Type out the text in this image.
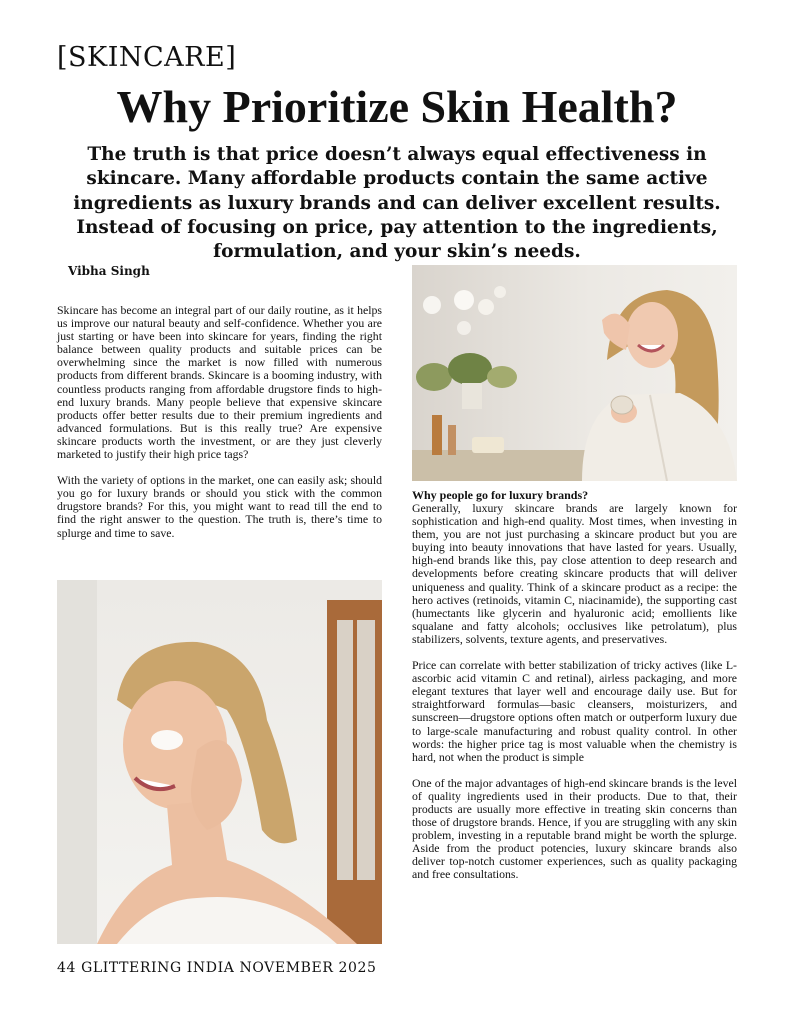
[SKINCARE]
Why Prioritize Skin Health?

The truth is that price doesn’t always equal effectiveness in skincare. Many affordable products contain the same active ingredients as luxury brands and can deliver excellent results. Instead of focusing on price, pay attention to the ingredients, formulation, and your skin’s needs.

Vibha Singh

Skincare has become an integral part of our daily routine, as it helps us improve our natural beauty and self-confidence. Whether you are just starting or have been into skincare for years, finding the right balance between quality products and suitable prices can be overwhelming since the market is now filled with numerous products from different brands. Skincare is a booming industry, with countless products ranging from affordable drugstore finds to high-end luxury brands. Many people believe that expensive skincare products offer better results due to their premium ingredients and advanced formulations. But is this really true? Are expensive skincare products worth the investment, or are they just cleverly marketed to justify their high price tags?

With the variety of options in the market, one can easily ask; should you go for luxury brands or should you stick with the common drugstore brands? For this, you might want to read till the end to find the right answer to the question. The truth is, there’s time to splurge and time to save.

Why people go for luxury brands?

Generally, luxury skincare brands are largely known for sophistication and high-end quality. Most times, when investing in them, you are not just purchasing a skincare product but you are buying into beauty innovations that have lasted for years. Usually, high-end brands like this, pay close attention to deep research and developments before creating skincare products that will deliver uniqueness and quality. Think of a skincare product as a recipe: the hero actives (retinoids, vitamin C, niacinamide), the supporting cast (humectants like glycerin and hyaluronic acid; emollients like squalane and fatty alcohols; occlusives like petrolatum), plus stabilizers, solvents, texture agents, and preservatives.

Price can correlate with better stabilization of tricky actives (like L-ascorbic acid vitamin C and retinal), airless packaging, and more elegant textures that layer well and encourage daily use. But for straightforward formulas—basic cleansers, moisturizers, and sunscreen—drugstore options often match or outperform luxury due to large-scale manufacturing and robust quality control. In other words: the higher price tag is most valuable when the chemistry is hard, not when the product is simple

One of the major advantages of high-end skincare brands is the level of quality ingredients used in their products. Due to that, their products are usually more effective in treating skin concerns than those of drugstore brands. Hence, if you are struggling with any skin problem, investing in a reputable brand might be worth the splurge. Aside from the product potencies, luxury skincare brands also deliver top-notch customer experiences, such as quality packaging and free consultations.

44 GLITTERING INDIA NOVEMBER 2025
